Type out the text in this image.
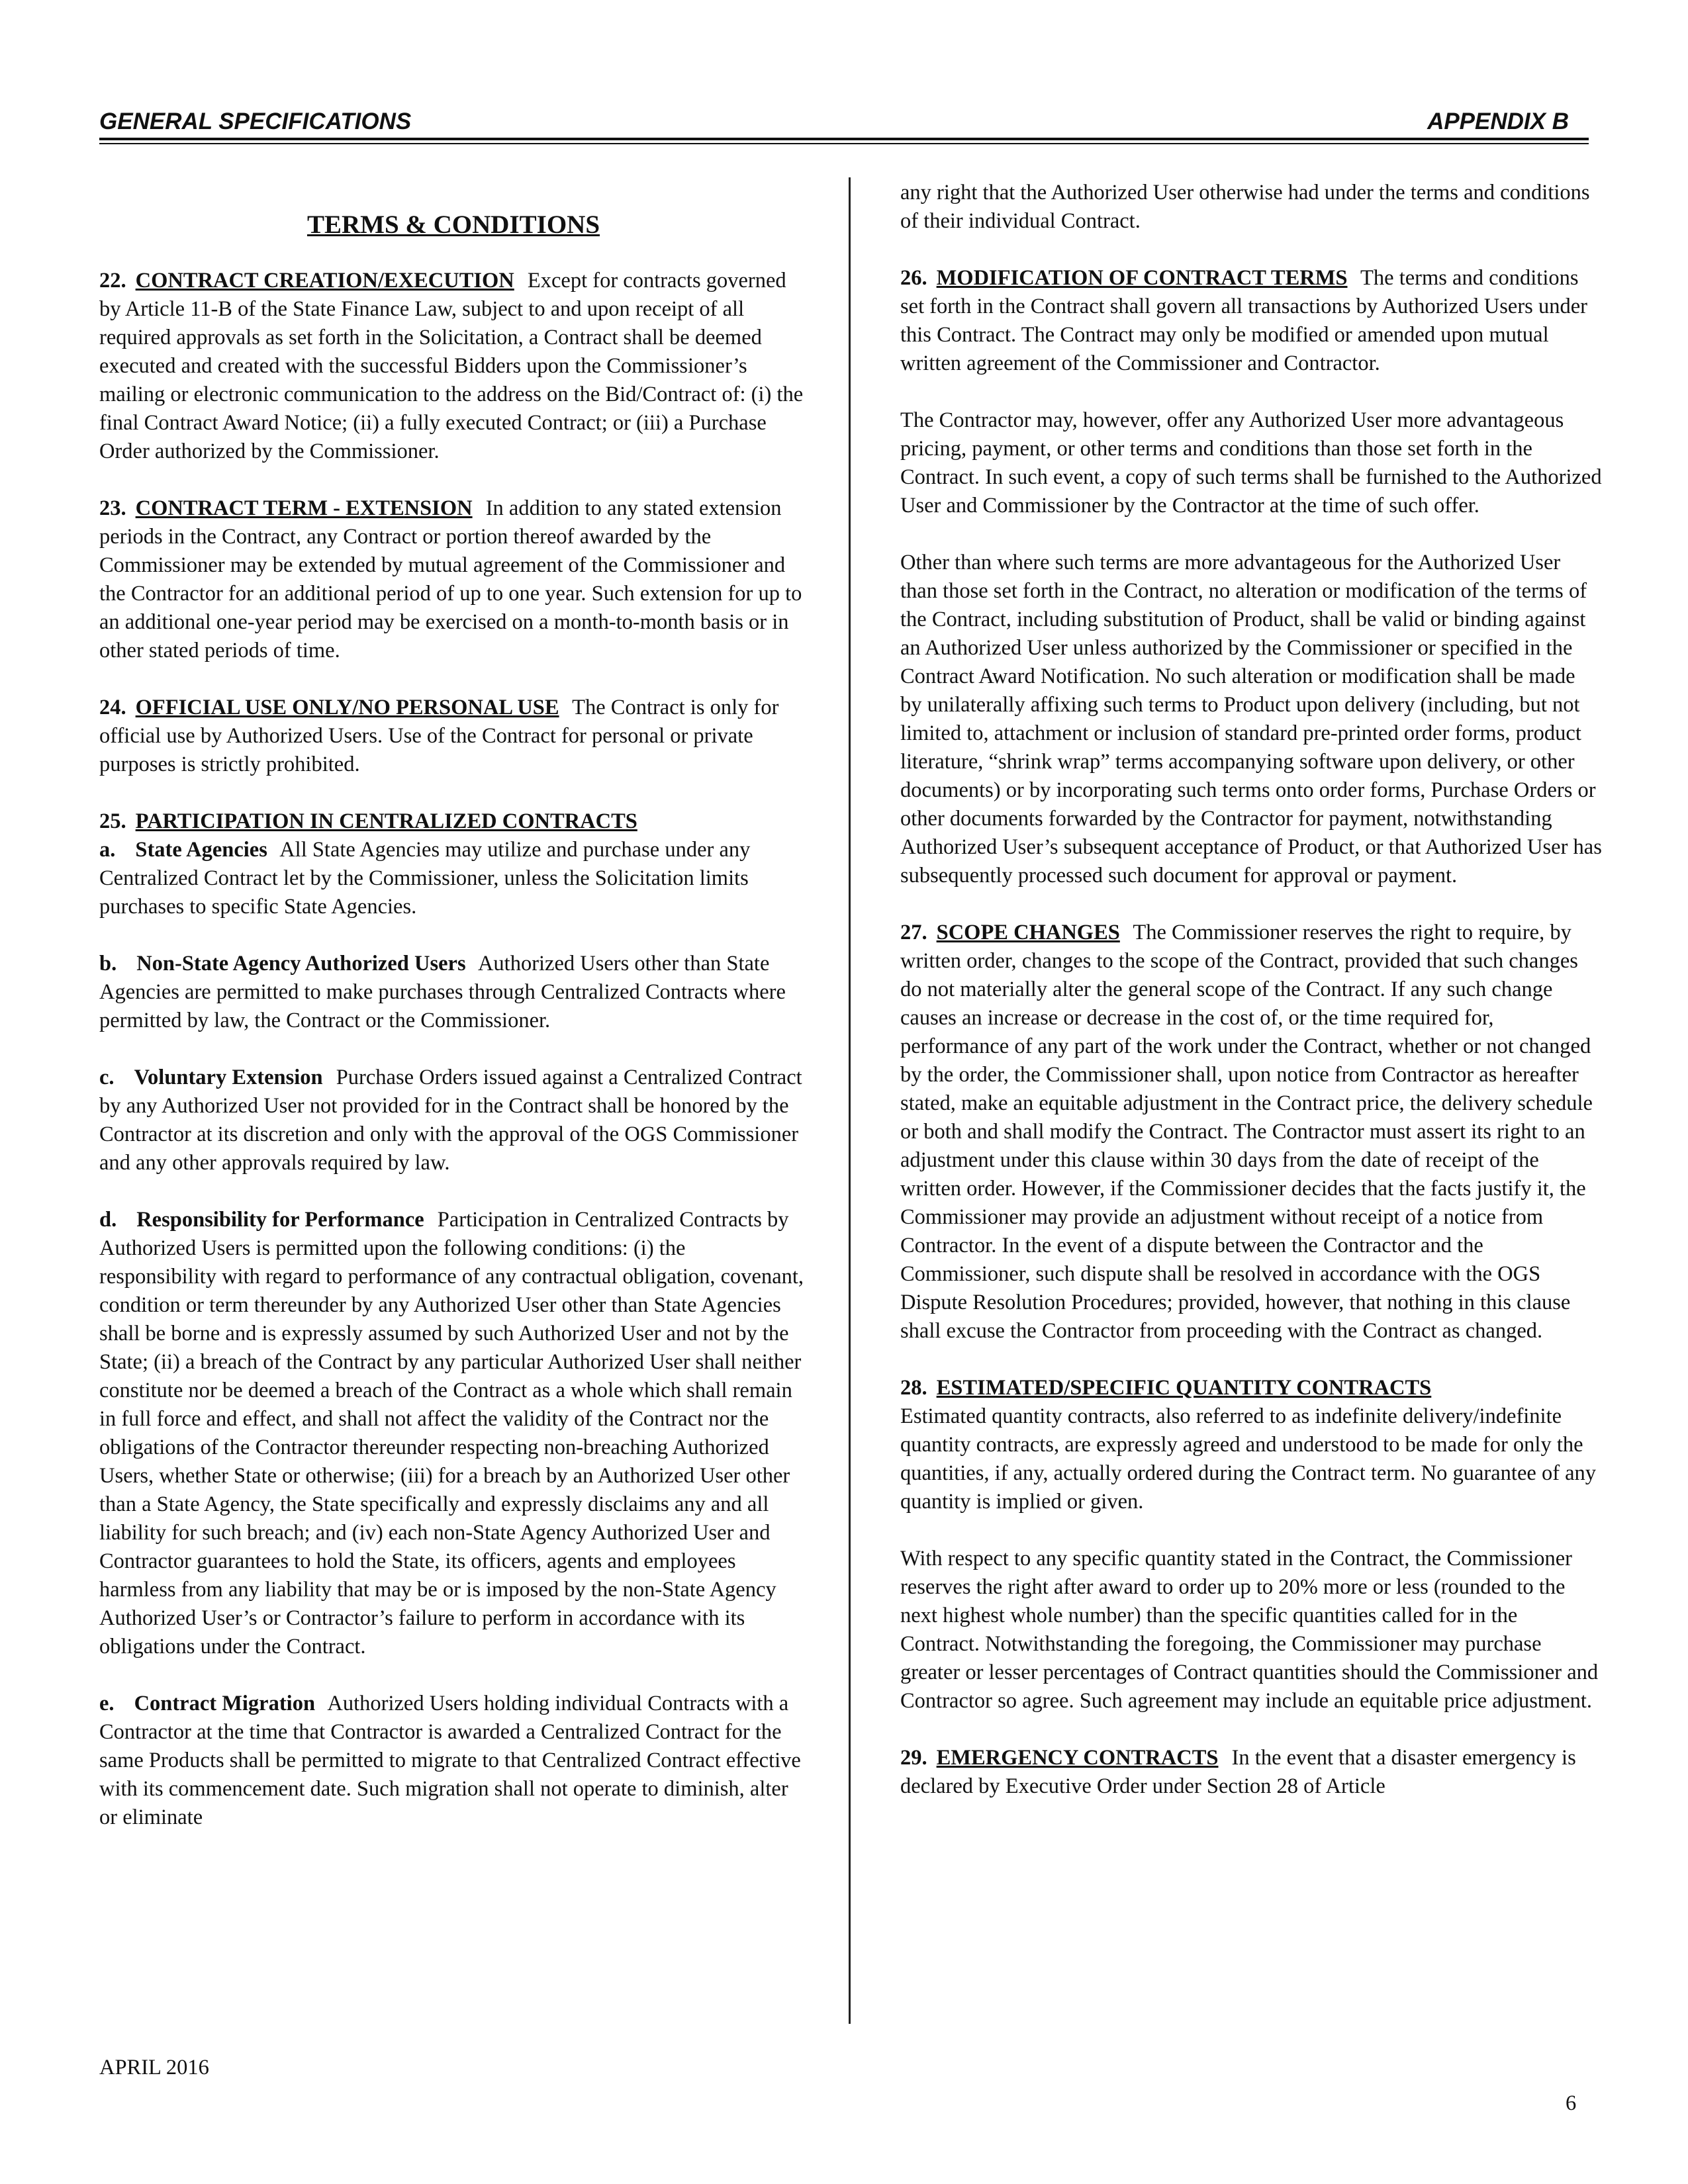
GENERAL SPECIFICATIONS	APPENDIX B
TERMS & CONDITIONS

22. CONTRACT CREATION/EXECUTION Except for contracts governed by Article 11-B of the State Finance Law, subject to and upon receipt of all required approvals as set forth in the Solicitation, a Contract shall be deemed executed and created with the successful Bidders upon the Commissioner’s mailing or electronic communication to the address on the Bid/Contract of: (i) the final Contract Award Notice; (ii) a fully executed Contract; or (iii) a Purchase Order authorized by the Commissioner.

23. CONTRACT TERM - EXTENSION In addition to any stated extension periods in the Contract, any Contract or portion thereof awarded by the Commissioner may be extended by mutual agreement of the Commissioner and the Contractor for an additional period of up to one year. Such extension for up to an additional one-year period may be exercised on a month-to-month basis or in other stated periods of time.

24. OFFICIAL USE ONLY/NO PERSONAL USE The Contract is only for official use by Authorized Users. Use of the Contract for personal or private purposes is strictly prohibited.

25. PARTICIPATION IN CENTRALIZED CONTRACTS
a. State Agencies All State Agencies may utilize and purchase under any Centralized Contract let by the Commissioner, unless the Solicitation limits purchases to specific State Agencies.

b. Non-State Agency Authorized Users Authorized Users other than State Agencies are permitted to make purchases through Centralized Contracts where permitted by law, the Contract or the Commissioner.

c. Voluntary Extension Purchase Orders issued against a Centralized Contract by any Authorized User not provided for in the Contract shall be honored by the Contractor at its discretion and only with the approval of the OGS Commissioner and any other approvals required by law.

d. Responsibility for Performance Participation in Centralized Contracts by Authorized Users is permitted upon the following conditions: (i) the responsibility with regard to performance of any contractual obligation, covenant, condition or term thereunder by any Authorized User other than State Agencies shall be borne and is expressly assumed by such Authorized User and not by the State; (ii) a breach of the Contract by any particular Authorized User shall neither constitute nor be deemed a breach of the Contract as a whole which shall remain in full force and effect, and shall not affect the validity of the Contract nor the obligations of the Contractor thereunder respecting non-breaching Authorized Users, whether State or otherwise; (iii) for a breach by an Authorized User other than a State Agency, the State specifically and expressly disclaims any and all liability for such breach; and (iv) each non-State Agency Authorized User and Contractor guarantees to hold the State, its officers, agents and employees harmless from any liability that may be or is imposed by the non-State Agency Authorized User’s or Contractor’s failure to perform in accordance with its obligations under the Contract.

e. Contract Migration Authorized Users holding individual Contracts with a Contractor at the time that Contractor is awarded a Centralized Contract for the same Products shall be permitted to migrate to that Centralized Contract effective with its commencement date. Such migration shall not operate to diminish, alter or eliminate

any right that the Authorized User otherwise had under the terms and conditions of their individual Contract.

26. MODIFICATION OF CONTRACT TERMS The terms and conditions set forth in the Contract shall govern all transactions by Authorized Users under this Contract. The Contract may only be modified or amended upon mutual written agreement of the Commissioner and Contractor.

The Contractor may, however, offer any Authorized User more advantageous pricing, payment, or other terms and conditions than those set forth in the Contract. In such event, a copy of such terms shall be furnished to the Authorized User and Commissioner by the Contractor at the time of such offer.

Other than where such terms are more advantageous for the Authorized User than those set forth in the Contract, no alteration or modification of the terms of the Contract, including substitution of Product, shall be valid or binding against an Authorized User unless authorized by the Commissioner or specified in the Contract Award Notification. No such alteration or modification shall be made by unilaterally affixing such terms to Product upon delivery (including, but not limited to, attachment or inclusion of standard pre-printed order forms, product literature, “shrink wrap” terms accompanying software upon delivery, or other documents) or by incorporating such terms onto order forms, Purchase Orders or other documents forwarded by the Contractor for payment, notwithstanding Authorized User’s subsequent acceptance of Product, or that Authorized User has subsequently processed such document for approval or payment.

27. SCOPE CHANGES The Commissioner reserves the right to require, by written order, changes to the scope of the Contract, provided that such changes do not materially alter the general scope of the Contract. If any such change causes an increase or decrease in the cost of, or the time required for, performance of any part of the work under the Contract, whether or not changed by the order, the Commissioner shall, upon notice from Contractor as hereafter stated, make an equitable adjustment in the Contract price, the delivery schedule or both and shall modify the Contract. The Contractor must assert its right to an adjustment under this clause within 30 days from the date of receipt of the written order. However, if the Commissioner decides that the facts justify it, the Commissioner may provide an adjustment without receipt of a notice from Contractor. In the event of a dispute between the Contractor and the Commissioner, such dispute shall be resolved in accordance with the OGS Dispute Resolution Procedures; provided, however, that nothing in this clause shall excuse the Contractor from proceeding with the Contract as changed.

28. ESTIMATED/SPECIFIC QUANTITY CONTRACTS
Estimated quantity contracts, also referred to as indefinite delivery/indefinite quantity contracts, are expressly agreed and understood to be made for only the quantities, if any, actually ordered during the Contract term. No guarantee of any quantity is implied or given.

With respect to any specific quantity stated in the Contract, the Commissioner reserves the right after award to order up to 20% more or less (rounded to the next highest whole number) than the specific quantities called for in the Contract. Notwithstanding the foregoing, the Commissioner may purchase greater or lesser percentages of Contract quantities should the Commissioner and Contractor so agree. Such agreement may include an equitable price adjustment.

29. EMERGENCY CONTRACTS In the event that a disaster emergency is declared by Executive Order under Section 28 of Article

APRIL 2016
6
